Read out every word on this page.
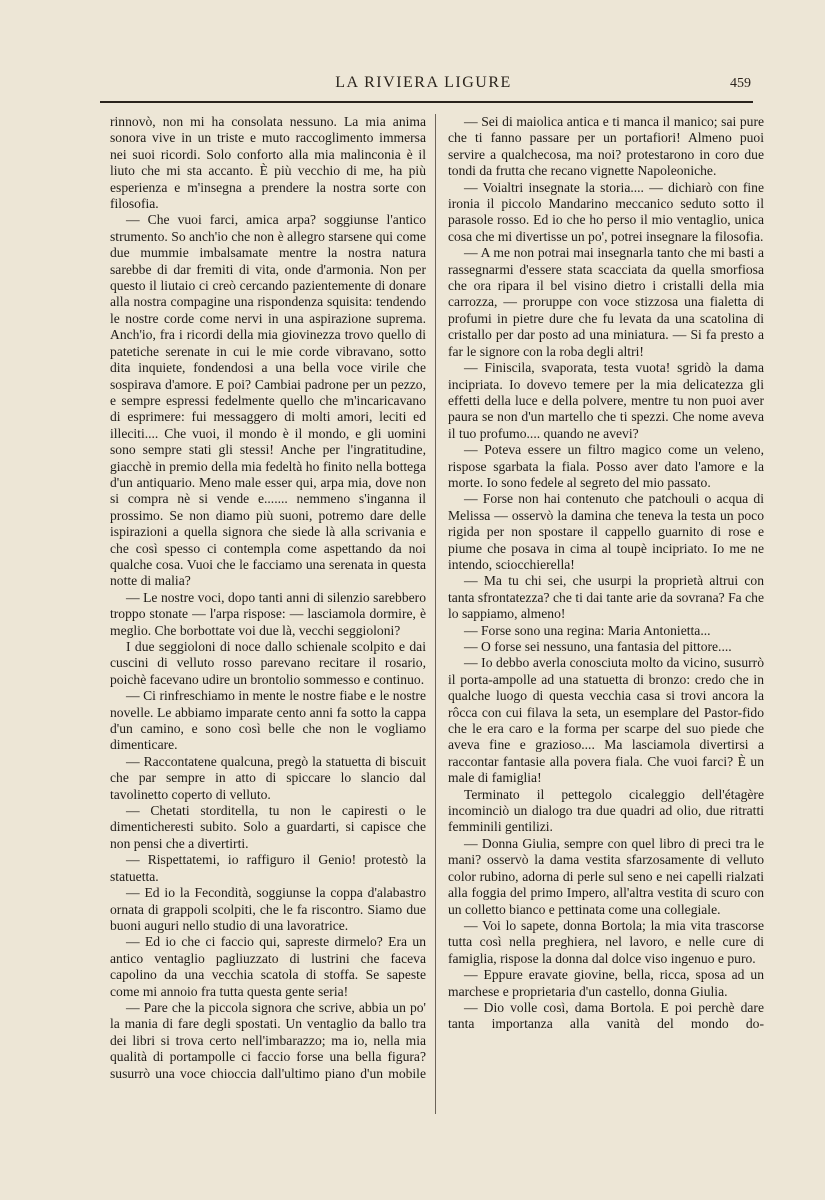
LA RIVIERA LIGURE	459

rinnovò, non mi ha consolata nessuno. La mia anima sonora vive in un triste e muto raccoglimento immersa nei suoi ricordi. Solo conforto alla mia malinconia è il liuto che mi sta accanto. È più vecchio di me, ha più esperienza e m'insegna a prendere la nostra sorte con filosofia.

— Che vuoi farci, amica arpa? soggiunse l'antico strumento. So anch'io che non è allegro starsene qui come due mummie imbalsamate mentre la nostra natura sarebbe di dar fremiti di vita, onde d'armonia. Non per questo il liutaio ci creò cercando pazientemente di donare alla nostra compagine una rispondenza squisita: tendendo le nostre corde come nervi in una aspirazione suprema. Anch'io, fra i ricordi della mia giovinezza trovo quello di patetiche serenate in cui le mie corde vibravano, sotto dita inquiete, fondendosi a una bella voce virile che sospirava d'amore. E poi? Cambiai padrone per un pezzo, e sempre espressi fedelmente quello che m'incaricavano di esprimere: fui messaggero di molti amori, leciti ed illeciti.... Che vuoi, il mondo è il mondo, e gli uomini sono sempre stati gli stessi! Anche per l'ingratitudine, giacchè in premio della mia fedeltà ho finito nella bottega d'un antiquario. Meno male esser qui, arpa mia, dove non si compra nè si vende e....... nemmeno s'inganna il prossimo. Se non diamo più suoni, potremo dare delle ispirazioni a quella signora che siede là alla scrivania e che così spesso ci contempla come aspettando da noi qualche cosa. Vuoi che le facciamo una serenata in questa notte di malia?

— Le nostre voci, dopo tanti anni di silenzio sarebbero troppo stonate — l'arpa rispose: — lasciamola dormire, è meglio. Che borbottate voi due là, vecchi seggioloni?

I due seggioloni di noce dallo schienale scolpito e dai cuscini di velluto rosso parevano recitare il rosario, poichè facevano udire un brontolio sommesso e continuo.

— Ci rinfreschiamo in mente le nostre fiabe e le nostre novelle. Le abbiamo imparate cento anni fa sotto la cappa d'un camino, e sono così belle che non le vogliamo dimenticare.

— Raccontatene qualcuna, pregò la statuetta di biscuit che par sempre in atto di spiccare lo slancio dal tavolinetto coperto di velluto.

— Chetati storditella, tu non le capiresti o le dimenticheresti subito. Solo a guardarti, si capisce che non pensi che a divertirti.

— Rispettatemi, io raffiguro il Genio! protestò la statuetta.

— Ed io la Fecondità, soggiunse la coppa d'alabastro ornata di grappoli scolpiti, che le fa riscontro. Siamo due buoni auguri nello studio di una lavoratrice.

— Ed io che ci faccio qui, sapreste dirmelo? Era un antico ventaglio pagliuzzato di lustrini che faceva capolino da una vecchia scatola di stoffa. Se sapeste come mi annoio fra tutta questa gente seria!

— Pare che la piccola signora che scrive, abbia un po' la mania di fare degli spostati. Un ventaglio da ballo tra dei libri si trova certo nell'imbarazzo; ma io, nella mia qualità di portampolle ci faccio forse una bella figura? susurrò una voce chioccia dall'ultimo piano d'un mobile

— Sei di maiolica antica e ti manca il manico; sai pure che ti fanno passare per un portafiori! Almeno puoi servire a qualchecosa, ma noi? protestarono in coro due tondi da frutta che recano vignette Napoleoniche.

— Voialtri insegnate la storia.... — dichiarò con fine ironia il piccolo Mandarino meccanico seduto sotto il parasole rosso. Ed io che ho perso il mio ventaglio, unica cosa che mi divertisse un po', potrei insegnare la filosofia.

— A me non potrai mai insegnarla tanto che mi basti a rassegnarmi d'essere stata scacciata da quella smorfiosa che ora ripara il bel visino dietro i cristalli della mia carrozza, — proruppe con voce stizzosa una fialetta di profumi in pietre dure che fu levata da una scatolina di cristallo per dar posto ad una miniatura. — Si fa presto a far le signore con la roba degli altri!

— Finiscila, svaporata, testa vuota! sgridò la dama incipriata. Io dovevo temere per la mia delicatezza gli effetti della luce e della polvere, mentre tu non puoi aver paura se non d'un martello che ti spezzi. Che nome aveva il tuo profumo.... quando ne avevi?

— Poteva essere un filtro magico come un veleno, rispose sgarbata la fiala. Posso aver dato l'amore e la morte. Io sono fedele al segreto del mio passato.

— Forse non hai contenuto che patchouli o acqua di Melissa — osservò la damina che teneva la testa un poco rigida per non spostare il cappello guarnito di rose e piume che posava in cima al toupè incipriato. Io me ne intendo, sciocchierella!

— Ma tu chi sei, che usurpi la proprietà altrui con tanta sfrontatezza? che ti dai tante arie da sovrana? Fa che lo sappiamo, almeno!

— Forse sono una regina: Maria Antonietta...

— O forse sei nessuno, una fantasia del pittore....

— Io debbo averla conosciuta molto da vicino, susurrò il porta-ampolle ad una statuetta di bronzo: credo che in qualche luogo di questa vecchia casa si trovi ancora la rôcca con cui filava la seta, un esemplare del Pastor-fido che le era caro e la forma per scarpe del suo piede che aveva fine e grazioso.... Ma lasciamola divertirsi a raccontar fantasie alla povera fiala. Che vuoi farci? È un male di famiglia!

Terminato il pettegolo cicaleggio dell'étagère incominciò un dialogo tra due quadri ad olio, due ritratti femminili gentilizi.

— Donna Giulia, sempre con quel libro di preci tra le mani? osservò la dama vestita sfarzosamente di velluto color rubino, adorna di perle sul seno e nei capelli rialzati alla foggia del primo Impero, all'altra vestita di scuro con un colletto bianco e pettinata come una collegiale.

— Voi lo sapete, donna Bortola; la mia vita trascorse tutta così nella preghiera, nel lavoro, e nelle cure di famiglia, rispose la donna dal dolce viso ingenuo e puro.

— Eppure eravate giovine, bella, ricca, sposa ad un marchese e proprietaria d'un castello, donna Giulia.

— Dio volle così, dama Bortola. E poi perchè dare tanta importanza alla vanità del mondo do-
